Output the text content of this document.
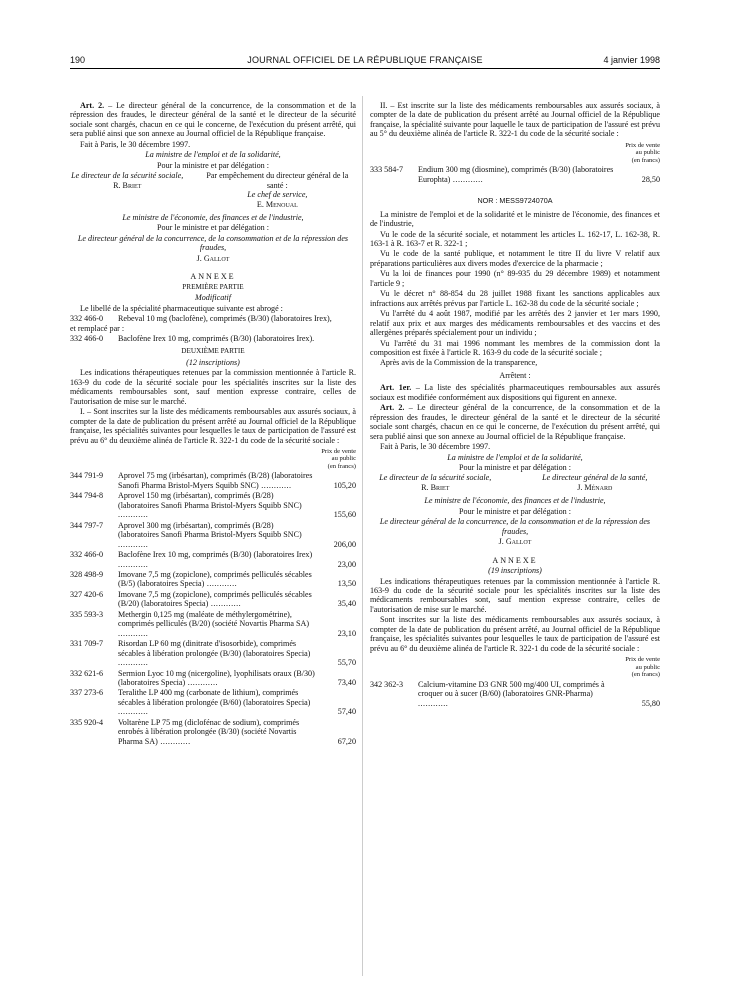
190	JOURNAL OFFICIEL DE LA RÉPUBLIQUE FRANÇAISE	4 janvier 1998

Art. 2. – Le directeur général de la concurrence, de la consommation et de la répression des fraudes, le directeur général de la santé et le directeur de la sécurité sociale sont chargés, chacun en ce qui le concerne, de l'exécution du présent arrêté, qui sera publié ainsi que son annexe au Journal officiel de la République française.

Fait à Paris, le 30 décembre 1997.

La ministre de l'emploi et de la solidarité,

Pour la ministre et par délégation :

Le directeur de la sécurité sociale,
R. Briet
Par empêchement du directeur général de la santé :
Le chef de service,
E. Menoual

Le ministre de l'économie, des finances et de l'industrie,

Pour le ministre et par délégation :

Le directeur général de la concurrence, de la consommation et de la répression des fraudes,

J. Gallot

ANNEXE

PREMIÈRE PARTIE

Modificatif

Le libellé de la spécialité pharmaceutique suivante est abrogé :

332 466-0	Rebeval 10 mg (baclofène), comprimés (B/30) (laboratoires Irex),

et remplacé par :

332 466-0	Baclofène Irex 10 mg, comprimés (B/30) (laboratoires Irex).

DEUXIÈME PARTIE

(12 inscriptions)

Les indications thérapeutiques retenues par la commission mentionnée à l'article R. 163-9 du code de la sécurité sociale pour les spécialités inscrites sur la liste des médicaments remboursables sont, sauf mention expresse contraire, celles de l'autorisation de mise sur le marché.

I. – Sont inscrites sur la liste des médicaments remboursables aux assurés sociaux, à compter de la date de publication du présent arrêté au Journal officiel de la République française, les spécialités suivantes pour lesquelles le taux de participation de l'assuré est prévu au 6° du deuxième alinéa de l'article R. 322-1 du code de la sécurité sociale :

Prix de vente
au public
(en francs)
344 791-9	Aprovel 75 mg (irbésartan), comprimés (B/28) (laboratoires Sanofi Pharma Bristol-Myers Squibb SNC) .....	105,20
344 794-8	Aprovel 150 mg (irbésartan), comprimés (B/28) (laboratoires Sanofi Pharma Bristol-Myers Squibb SNC) .....
155,60
344 797-7	Aprovel 300 mg (irbésartan), comprimés (B/28) (laboratoires Sanofi Pharma Bristol-Myers Squibb SNC) .....
206,00
332 466-0	Baclofène Irex 10 mg, comprimés (B/30) (laboratoires Irex) .....
23,00
328 498-9	Imovane 7,5 mg (zopiclone), comprimés pelliculés sécables (B/5) (laboratoires Specia) .....	13,50
327 420-6	Imovane 7,5 mg (zopiclone), comprimés pelliculés sécables (B/20) (laboratoires Specia) .....	35,40
335 593-3	Methergin 0,125 mg (maléate de méthylergométrine), comprimés pelliculés (B/20) (société Novartis Pharma SA) .....
23,10
331 709-7	Risordan LP 60 mg (dinitrate d'isosorbide), comprimés sécables à libération prolongée (B/30) (laboratoires Specia) .....
55,70
332 621-6	Sermion Lyoc 10 mg (nicergoline), lyophilisats oraux (B/30) (laboratoires Specia) .....	73,40
337 273-6	Teralithe LP 400 mg (carbonate de lithium), comprimés sécables à libération prolongée (B/60) (laboratoires Specia) .....
57,40
335 920-4	Voltarène LP 75 mg (diclofénac de sodium), comprimés enrobés à libération prolongée (B/30) (société Novartis Pharma SA) .....	67,20

II. – Est inscrite sur la liste des médicaments remboursables aux assurés sociaux, à compter de la date de publication du présent arrêté au Journal officiel de la République française, la spécialité suivante pour laquelle le taux de participation de l'assuré est prévu au 5° du deuxième alinéa de l'article R. 322-1 du code de la sécurité sociale :

Prix de vente
au public
(en francs)
333 584-7	Endium 300 mg (diosmine), comprimés (B/30) (laboratoires Europhta) .....	28,50

NOR : MESS9724070A

La ministre de l'emploi et de la solidarité et le ministre de l'économie, des finances et de l'industrie,

Vu le code de la sécurité sociale, et notamment les articles L. 162-17, L. 162-38, R. 163-1 à R. 163-7 et R. 322-1 ;

Vu le code de la santé publique, et notamment le titre II du livre V relatif aux préparations particulières aux divers modes d'exercice de la pharmacie ;

Vu la loi de finances pour 1990 (n° 89-935 du 29 décembre 1989) et notamment l'article 9 ;

Vu le décret n° 88-854 du 28 juillet 1988 fixant les sanctions applicables aux infractions aux arrêtés prévus par l'article L. 162-38 du code de la sécurité sociale ;

Vu l'arrêté du 4 août 1987, modifié par les arrêtés des 2 janvier et 1er mars 1990, relatif aux prix et aux marges des médicaments remboursables et des vaccins et des allergènes préparés spécialement pour un individu ;

Vu l'arrêté du 31 mai 1996 nommant les membres de la commission dont la composition est fixée à l'article R. 163-9 du code de la sécurité sociale ;

Après avis de la Commission de la transparence,

Arrêtent :

Art. 1er. – La liste des spécialités pharmaceutiques remboursables aux assurés sociaux est modifiée conformément aux dispositions qui figurent en annexe.

Art. 2. – Le directeur général de la concurrence, de la consommation et de la répression des fraudes, le directeur général de la santé et le directeur de la sécurité sociale sont chargés, chacun en ce qui le concerne, de l'exécution du présent arrêté, qui sera publié ainsi que son annexe au Journal officiel de la République française.

Fait à Paris, le 30 décembre 1997.

La ministre de l'emploi et de la solidarité,

Pour la ministre et par délégation :

Le directeur de la sécurité sociale,
R. Briet
Le directeur général de la santé,
J. Ménard

Le ministre de l'économie, des finances et de l'industrie,

Pour le ministre et par délégation :

Le directeur général de la concurrence, de la consommation et de la répression des fraudes,

J. Gallot

ANNEXE

(19 inscriptions)

Les indications thérapeutiques retenues par la commission mentionnée à l'article R. 163-9 du code de la sécurité sociale pour les spécialités inscrites sur la liste des médicaments remboursables sont, sauf mention expresse contraire, celles de l'autorisation de mise sur le marché.

Sont inscrites sur la liste des médicaments remboursables aux assurés sociaux, à compter de la date de publication du présent arrêté, au Journal officiel de la République française, les spécialités suivantes pour lesquelles le taux de participation de l'assuré est prévu au 6° du deuxième alinéa de l'article R. 322-1 du code de la sécurité sociale :

Prix de vente
au public
(en francs)
342 362-3	Calcium-vitamine D3 GNR 500 mg/400 UI, comprimés à croquer ou à sucer (B/60) (laboratoires GNR-Pharma) .....
55,80
